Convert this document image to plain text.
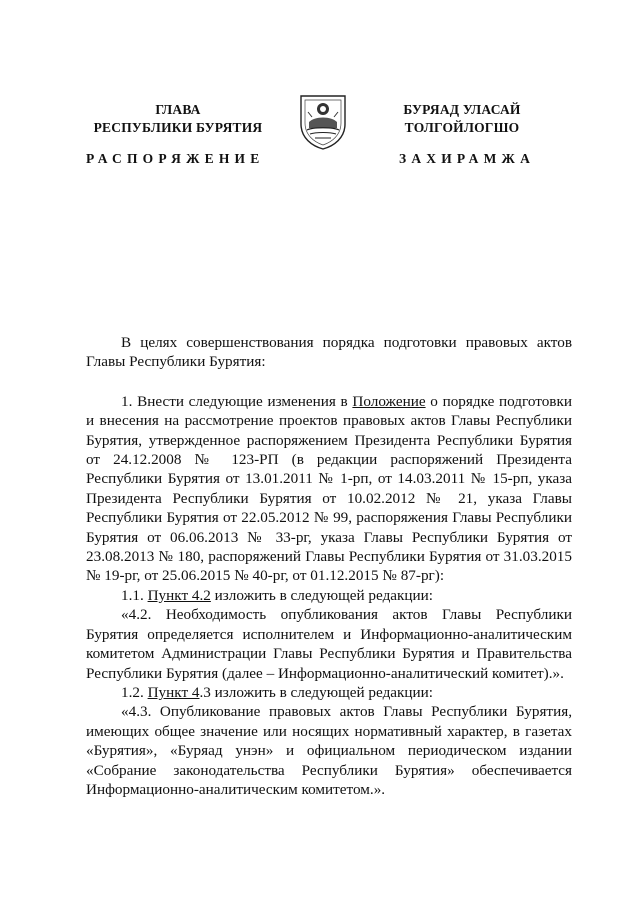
ГЛАВА
РЕСПУБЛИКИ БУРЯТИЯ
БУРЯАД УЛАСАЙ
ТОЛГОЙЛОГШО
РАСПОРЯЖЕНИЕ	ЗАХИРАМЖА

В целях совершенствования порядка подготовки правовых актов Главы Республики Бурятия:

1. Внести следующие изменения в Положение о порядке подготовки и внесения на рассмотрение проектов правовых актов Главы Республики Бурятия, утвержденное распоряжением Президента Республики Бурятия от 24.12.2008 № 123-РП (в редакции распоряжений Президента Республики Бурятия от 13.01.2011 № 1-рп, от 14.03.2011 № 15-рп, указа Президента Республики Бурятия от 10.02.2012 № 21, указа Главы Республики Бурятия от 22.05.2012 № 99, распоряжения Главы Республики Бурятия от 06.06.2013 № 33-рг, указа Главы Республики Бурятия от 23.08.2013 № 180, распоряжений Главы Республики Бурятия от 31.03.2015 № 19-рг, от 25.06.2015 № 40-рг, от 01.12.2015 № 87-рг):

1.1. Пункт 4.2 изложить в следующей редакции:

«4.2. Необходимость опубликования актов Главы Республики Бурятия определяется исполнителем и Информационно-аналитическим комитетом Администрации Главы Республики Бурятия и Правительства Республики Бурятия (далее – Информационно-аналитический комитет).».

1.2. Пункт 4.3 изложить в следующей редакции:

«4.3. Опубликование правовых актов Главы Республики Бурятия, имеющих общее значение или носящих нормативный характер, в газетах «Бурятия», «Буряад унэн» и официальном периодическом издании «Собрание законодательства Республики Бурятия» обеспечивается Информационно-аналитическим комитетом.».
